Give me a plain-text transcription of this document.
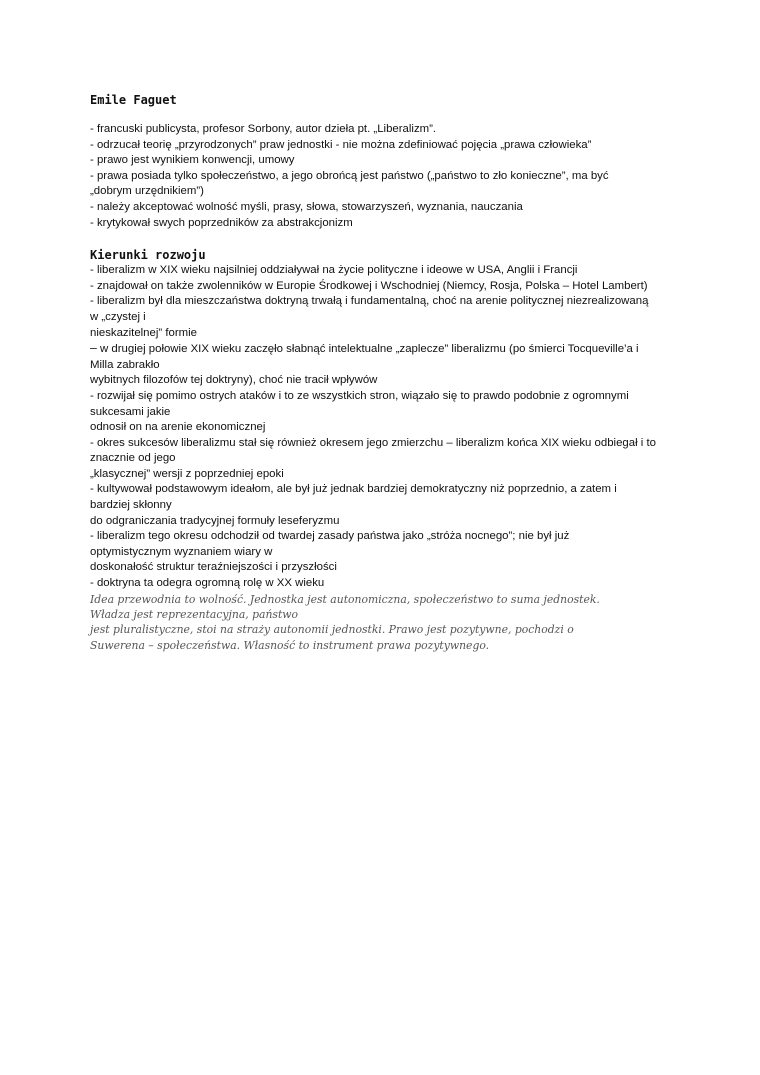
Emile Faguet

- francuski publicysta, profesor Sorbony, autor dzieła pt. „Liberalizm”.

- odrzucał teorię „przyrodzonych” praw jednostki - nie można zdefiniować pojęcia „prawa człowieka”

- prawo jest wynikiem konwencji, umowy

- prawa posiada tylko społeczeństwo, a jego obrońcą jest państwo („państwo to zło konieczne”, ma być

„dobrym urzędnikiem”)

- należy akceptować wolność myśli, prasy, słowa, stowarzyszeń, wyznania, nauczania

- krytykował swych poprzedników za abstrakcjonizm

Kierunki rozwoju

- liberalizm w XIX wieku najsilniej oddziaływał na życie polityczne i ideowe w USA, Anglii i Francji

- znajdował on także zwolenników w Europie Środkowej i Wschodniej (Niemcy, Rosja, Polska – Hotel Lambert)

- liberalizm był dla mieszczaństwa doktryną trwałą i fundamentalną, choć na arenie politycznej niezrealizowaną

w „czystej i

nieskazitelnej” formie

– w drugiej połowie XIX wieku zaczęło słabnąć intelektualne „zaplecze” liberalizmu (po śmierci Tocqueville’a i

Milla zabrakło

wybitnych filozofów tej doktryny), choć nie tracił wpływów

- rozwijał się pomimo ostrych ataków i to ze wszystkich stron, wiązało się to prawdo podobnie z ogromnymi

sukcesami jakie

odnosił on na arenie ekonomicznej

- okres sukcesów liberalizmu stał się również okresem jego zmierzchu – liberalizm końca XIX wieku odbiegał i to

znacznie od jego

„klasycznej” wersji z poprzedniej epoki

- kultywował podstawowym ideałom, ale był już jednak bardziej demokratyczny niż poprzednio, a zatem i

bardziej skłonny

do odgraniczania tradycyjnej formuły leseferyzmu

- liberalizm tego okresu odchodził od twardej zasady państwa jako „stróża nocnego”; nie był już

optymistycznym wyznaniem wiary w

doskonałość struktur teraźniejszości i przyszłości

- doktryna ta odegra ogromną rolę w XX wieku

Idea przewodnia to wolność. Jednostka jest autonomiczna, społeczeństwo to suma jednostek.

Władza jest reprezentacyjna, państwo

jest pluralistyczne, stoi na straży autonomii jednostki. Prawo jest pozytywne, pochodzi o

Suwerena – społeczeństwa. Własność to instrument prawa pozytywnego.
